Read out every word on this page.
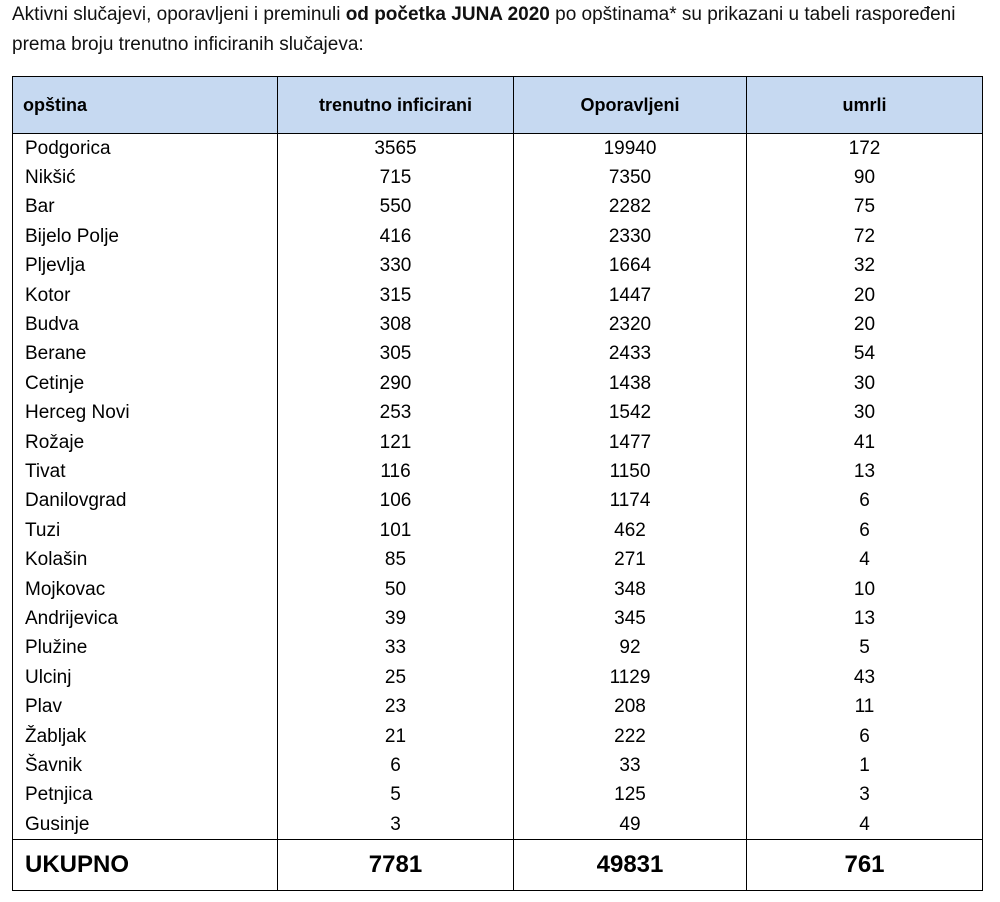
Aktivni slučajevi, oporavljeni i preminuli od početka JUNA 2020 po opštinama* su prikazani u tabeli raspoređeni prema broju trenutno inficiranih slučajeva:
opština	trenutno inficirani	Oporavljeni	umrli
Podgorica	3565	19940	172
Nikšić	715	7350	90
Bar	550	2282	75
Bijelo Polje	416	2330	72
Pljevlja	330	1664	32
Kotor	315	1447	20
Budva	308	2320	20
Berane	305	2433	54
Cetinje	290	1438	30
Herceg Novi	253	1542	30
Rožaje	121	1477	41
Tivat	116	1150	13
Danilovgrad	106	1174	6
Tuzi	101	462	6
Kolašin	85	271	4
Mojkovac	50	348	10
Andrijevica	39	345	13
Plužine	33	92	5
Ulcinj	25	1129	43
Plav	23	208	11
Žabljak	21	222	6
Šavnik	6	33	1
Petnjica	5	125	3
Gusinje	3	49	4
UKUPNO	7781	49831	761
